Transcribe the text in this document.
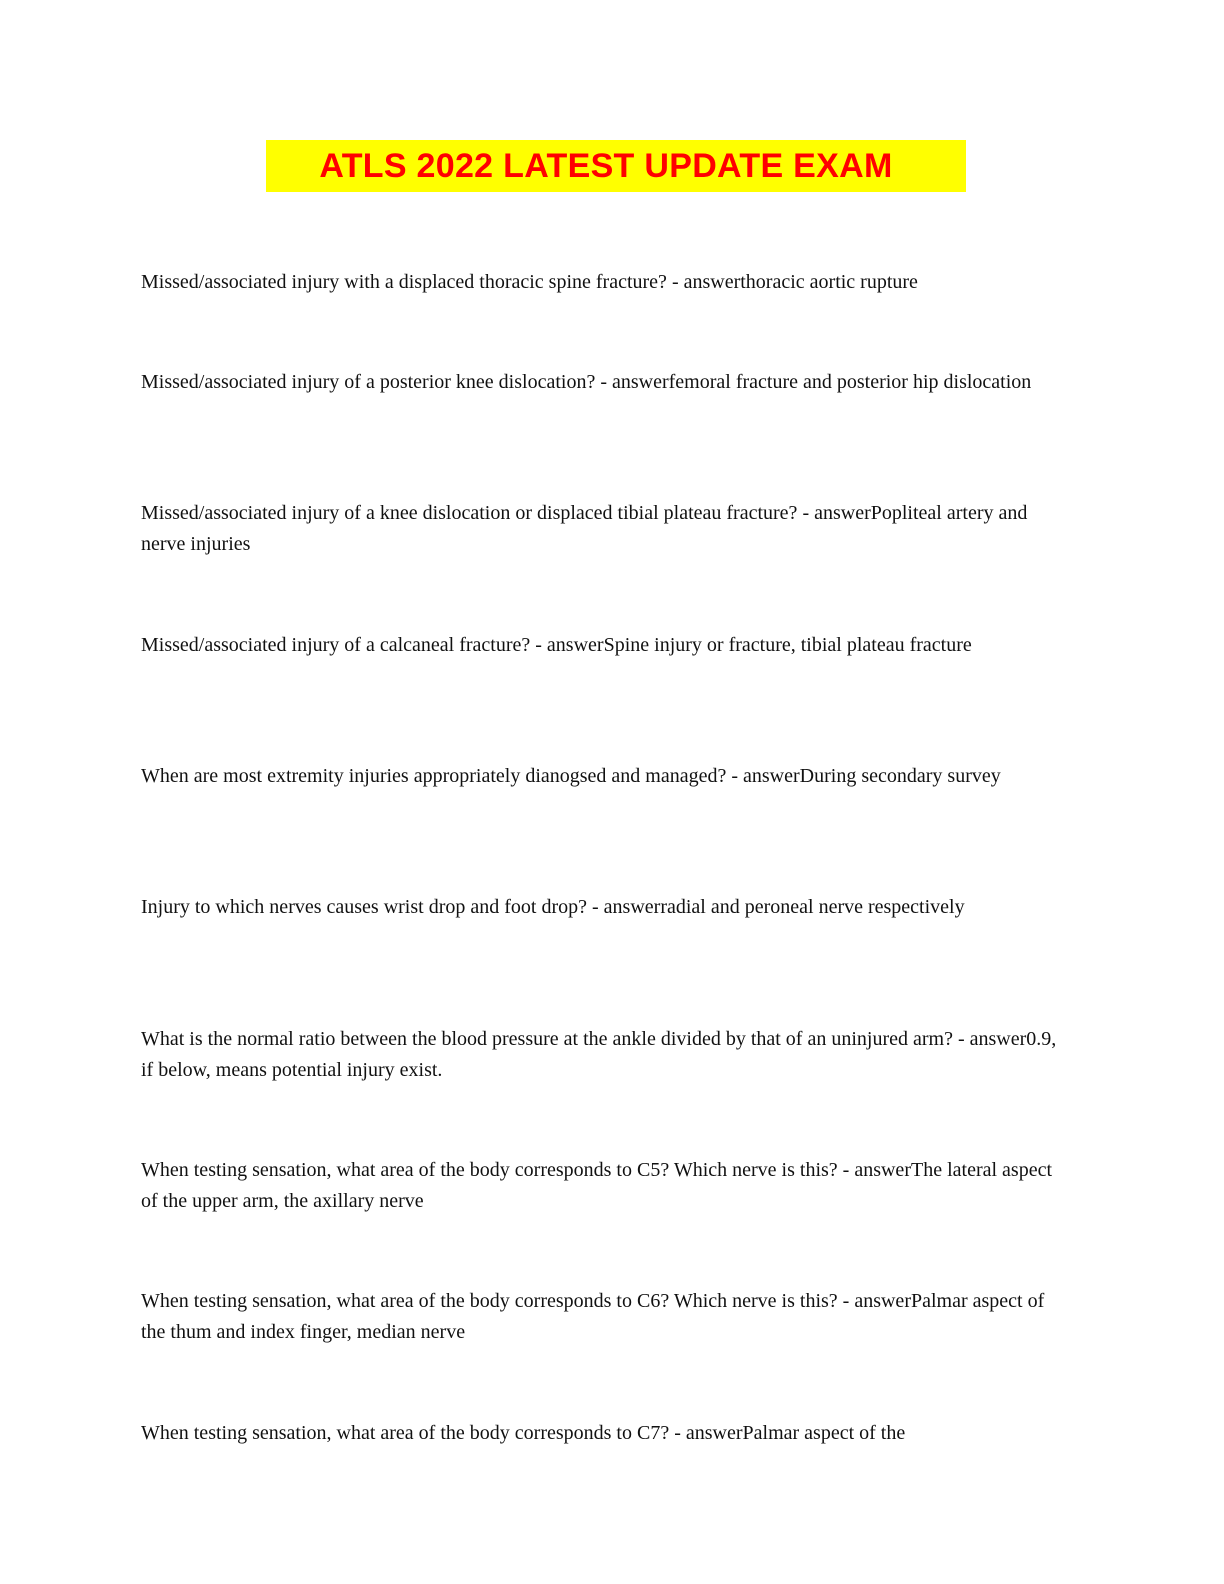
ATLS 2022 LATEST UPDATE EXAM

Missed/associated injury with a displaced thoracic spine fracture? - answerthoracic aortic rupture

Missed/associated injury of a posterior knee dislocation? - answerfemoral fracture and posterior hip dislocation

Missed/associated injury of a knee dislocation or displaced tibial plateau fracture? - answerPopliteal artery and nerve injuries

Missed/associated injury of a calcaneal fracture? - answerSpine injury or fracture, tibial plateau fracture

When are most extremity injuries appropriately dianogsed and managed? - answerDuring secondary survey

Injury to which nerves causes wrist drop and foot drop? - answerradial and peroneal nerve respectively

What is the normal ratio between the blood pressure at the ankle divided by that of an uninjured arm? - answer0.9, if below, means potential injury exist.

When testing sensation, what area of the body corresponds to C5? Which nerve is this? - answerThe lateral aspect of the upper arm, the axillary nerve

When testing sensation, what area of the body corresponds to C6? Which nerve is this? - answerPalmar aspect of the thum and index finger, median nerve

When testing sensation, what area of the body corresponds to C7? - answerPalmar aspect of the
